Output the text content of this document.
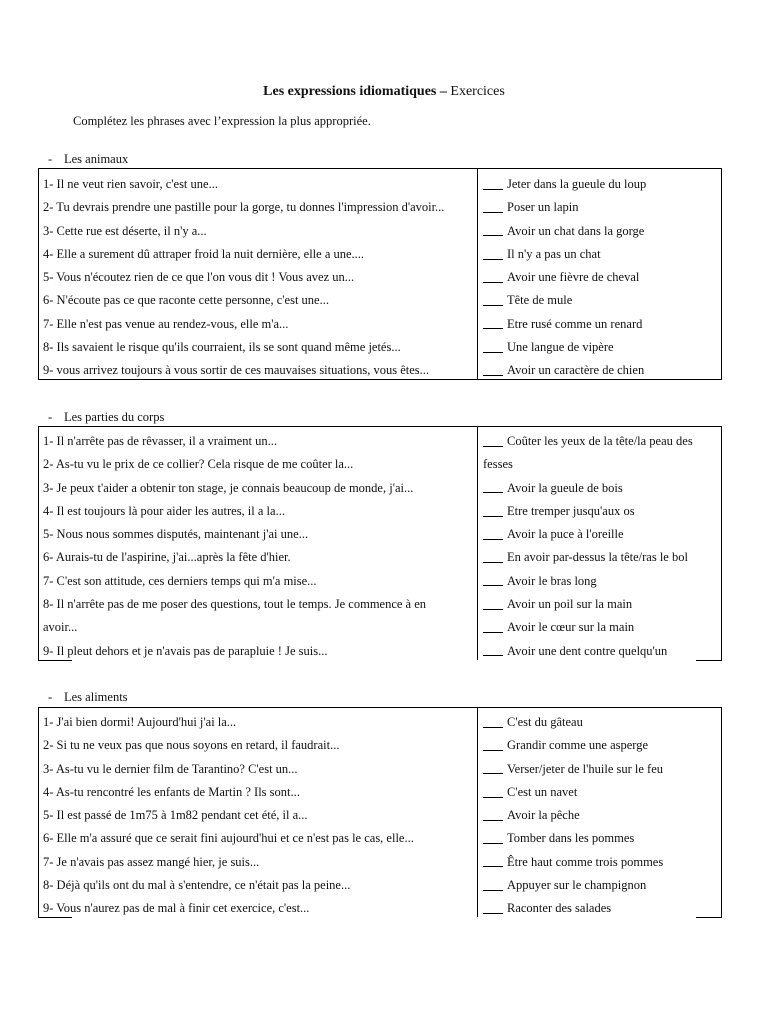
Les expressions idiomatiques – Exercices
Complétez les phrases avec l’expression la plus appropriée.
- Les animaux
1- Il ne veut rien savoir, c'est une...
2- Tu devrais prendre une pastille pour la gorge, tu donnes l'impression d'avoir...
3- Cette rue est déserte, il n'y a...
4- Elle a surement dû attraper froid la nuit dernière, elle a une....
5- Vous n'écoutez rien de ce que l'on vous dit ! Vous avez un...
6- N'écoute pas ce que raconte cette personne, c'est une...
7- Elle n'est pas venue au rendez-vous, elle m'a...
8- Ils savaient le risque qu'ils courraient, ils se sont quand même jetés...
9- vous arrivez toujours à vous sortir de ces mauvaises situations, vous êtes...
Jeter dans la gueule du loup
Poser un lapin
Avoir un chat dans la gorge
Il n'y a pas un chat
Avoir une fièvre de cheval
Tête de mule
Etre rusé comme un renard
Une langue de vipère
Avoir un caractère de chien
- Les parties du corps
1- Il n'arrête pas de rêvasser, il a vraiment un...
2- As-tu vu le prix de ce collier? Cela risque de me coûter la...
3- Je peux t'aider a obtenir ton stage, je connais beaucoup de monde, j'ai...
4- Il est toujours là pour aider les autres, il a la...
5- Nous nous sommes disputés, maintenant j'ai une...
6- Aurais-tu de l'aspirine, j'ai...après la fête d'hier.
7- C'est son attitude, ces derniers temps qui m'a mise...
8- Il n'arrête pas de me poser des questions, tout le temps. Je commence à en
avoir...
9- Il pleut dehors et je n'avais pas de parapluie ! Je suis...
Coûter les yeux de la tête/la peau des
fesses
Avoir la gueule de bois
Etre tremper jusqu'aux os
Avoir la puce à l'oreille
En avoir par-dessus la tête/ras le bol
Avoir le bras long
Avoir un poil sur la main
Avoir le cœur sur la main
Avoir une dent contre quelqu'un
- Les aliments
1- J'ai bien dormi! Aujourd'hui j'ai la...
2- Si tu ne veux pas que nous soyons en retard, il faudrait...
3- As-tu vu le dernier film de Tarantino? C'est un...
4- As-tu rencontré les enfants de Martin ? Ils sont...
5- Il est passé de 1m75 à 1m82 pendant cet été, il a...
6- Elle m'a assuré que ce serait fini aujourd'hui et ce n'est pas le cas, elle...
7- Je n'avais pas assez mangé hier, je suis...
8- Déjà qu'ils ont du mal à s'entendre, ce n'était pas la peine...
9- Vous n'aurez pas de mal à finir cet exercice, c'est...
C'est du gâteau
Grandir comme une asperge
Verser/jeter de l'huile sur le feu
C'est un navet
Avoir la pêche
Tomber dans les pommes
Être haut comme trois pommes
Appuyer sur le champignon
Raconter des salades
